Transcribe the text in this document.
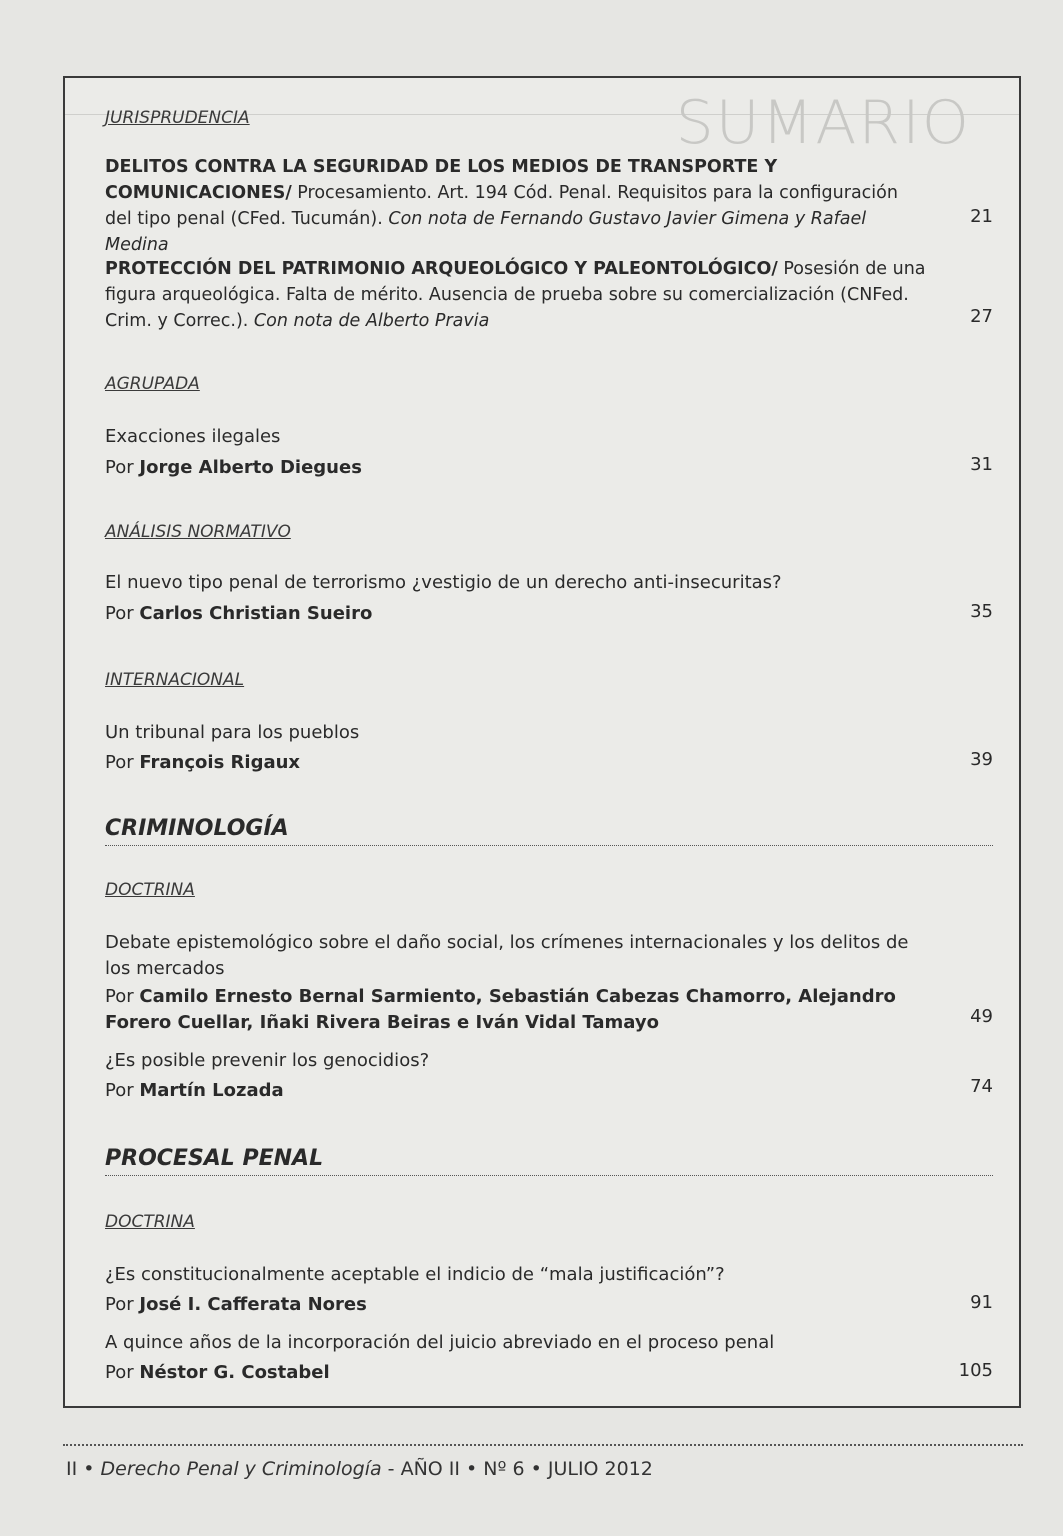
SUMARIO
JURISPRUDENCIA
DELITOS CONTRA LA SEGURIDAD DE LOS MEDIOS DE TRANSPORTE Y COMUNICACIONES/ Procesamiento. Art. 194 Cód. Penal. Requisitos para la configuración del tipo penal (CFed. Tucumán). Con nota de Fernando Gustavo Javier Gimena y Rafael Medina
21
PROTECCIÓN DEL PATRIMONIO ARQUEOLÓGICO Y PALEONTOLÓGICO/ Posesión de una figura arqueológica. Falta de mérito. Ausencia de prueba sobre su comercialización (CNFed. Crim. y Correc.). Con nota de Alberto Pravia	27
AGRUPADA
Exacciones ilegales
Por Jorge Alberto Diegues	31
ANÁLISIS NORMATIVO
El nuevo tipo penal de terrorismo ¿vestigio de un derecho anti-insecuritas?
Por Carlos Christian Sueiro	35
INTERNACIONAL
Un tribunal para los pueblos
Por François Rigaux	39
CRIMINOLOGÍA
DOCTRINA
Debate epistemológico sobre el daño social, los crímenes internacionales y los delitos de los mercados
Por Camilo Ernesto Bernal Sarmiento, Sebastián Cabezas Chamorro, Alejandro Forero Cuellar, Iñaki Rivera Beiras e Iván Vidal Tamayo	49
¿Es posible prevenir los genocidios?
Por Martín Lozada	74
PROCESAL PENAL
DOCTRINA
¿Es constitucionalmente aceptable el indicio de “mala justificación”?
Por José I. Cafferata Nores	91
A quince años de la incorporación del juicio abreviado en el proceso penal
Por Néstor G. Costabel	105
II • Derecho Penal y Criminología - AÑO II • Nº 6 • JULIO 2012
